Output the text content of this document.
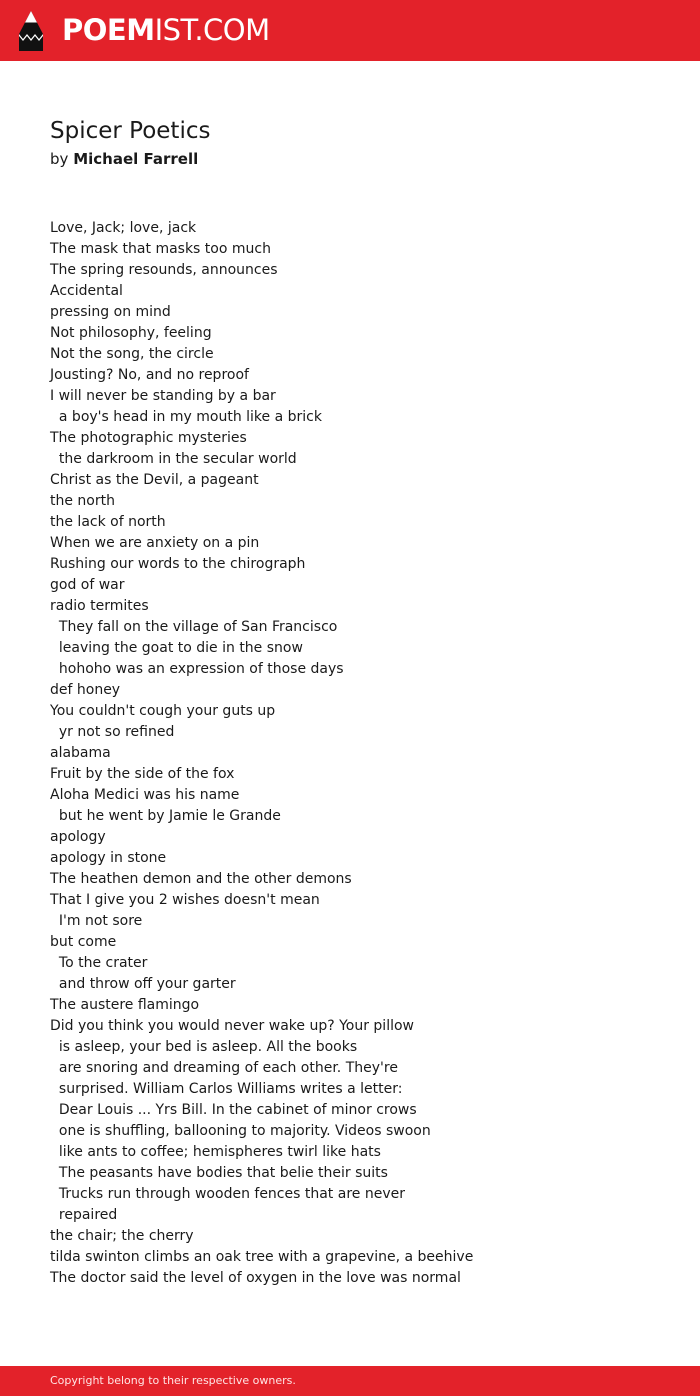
POEMIST.COM
Spicer Poetics
by Michael Farrell
Love, Jack; love, jack
The mask that masks too much
The spring resounds, announces
Accidental
pressing on mind
Not philosophy, feeling
Not the song, the circle
Jousting? No, and no reproof
I will never be standing by a bar
a boy's head in my mouth like a brick
The photographic mysteries
the darkroom in the secular world
Christ as the Devil, a pageant
the north
the lack of north
When we are anxiety on a pin
Rushing our words to the chirograph
god of war
radio termites
They fall on the village of San Francisco
leaving the goat to die in the snow
hohoho was an expression of those days
def honey
You couldn't cough your guts up
yr not so refined
alabama
Fruit by the side of the fox
Aloha Medici was his name
but he went by Jamie le Grande
apology
apology in stone
The heathen demon and the other demons
That I give you 2 wishes doesn't mean
I'm not sore
but come
To the crater
and throw off your garter
The austere flamingo
Did you think you would never wake up? Your pillow
is asleep, your bed is asleep. All the books
are snoring and dreaming of each other. They're
surprised. William Carlos Williams writes a letter:
Dear Louis ... Yrs Bill. In the cabinet of minor crows
one is shuffling, ballooning to majority. Videos swoon
like ants to coffee; hemispheres twirl like hats
The peasants have bodies that belie their suits
Trucks run through wooden fences that are never
repaired
the chair; the cherry
tilda swinton climbs an oak tree with a grapevine, a beehive
The doctor said the level of oxygen in the love was normal
Copyright belong to their respective owners.
